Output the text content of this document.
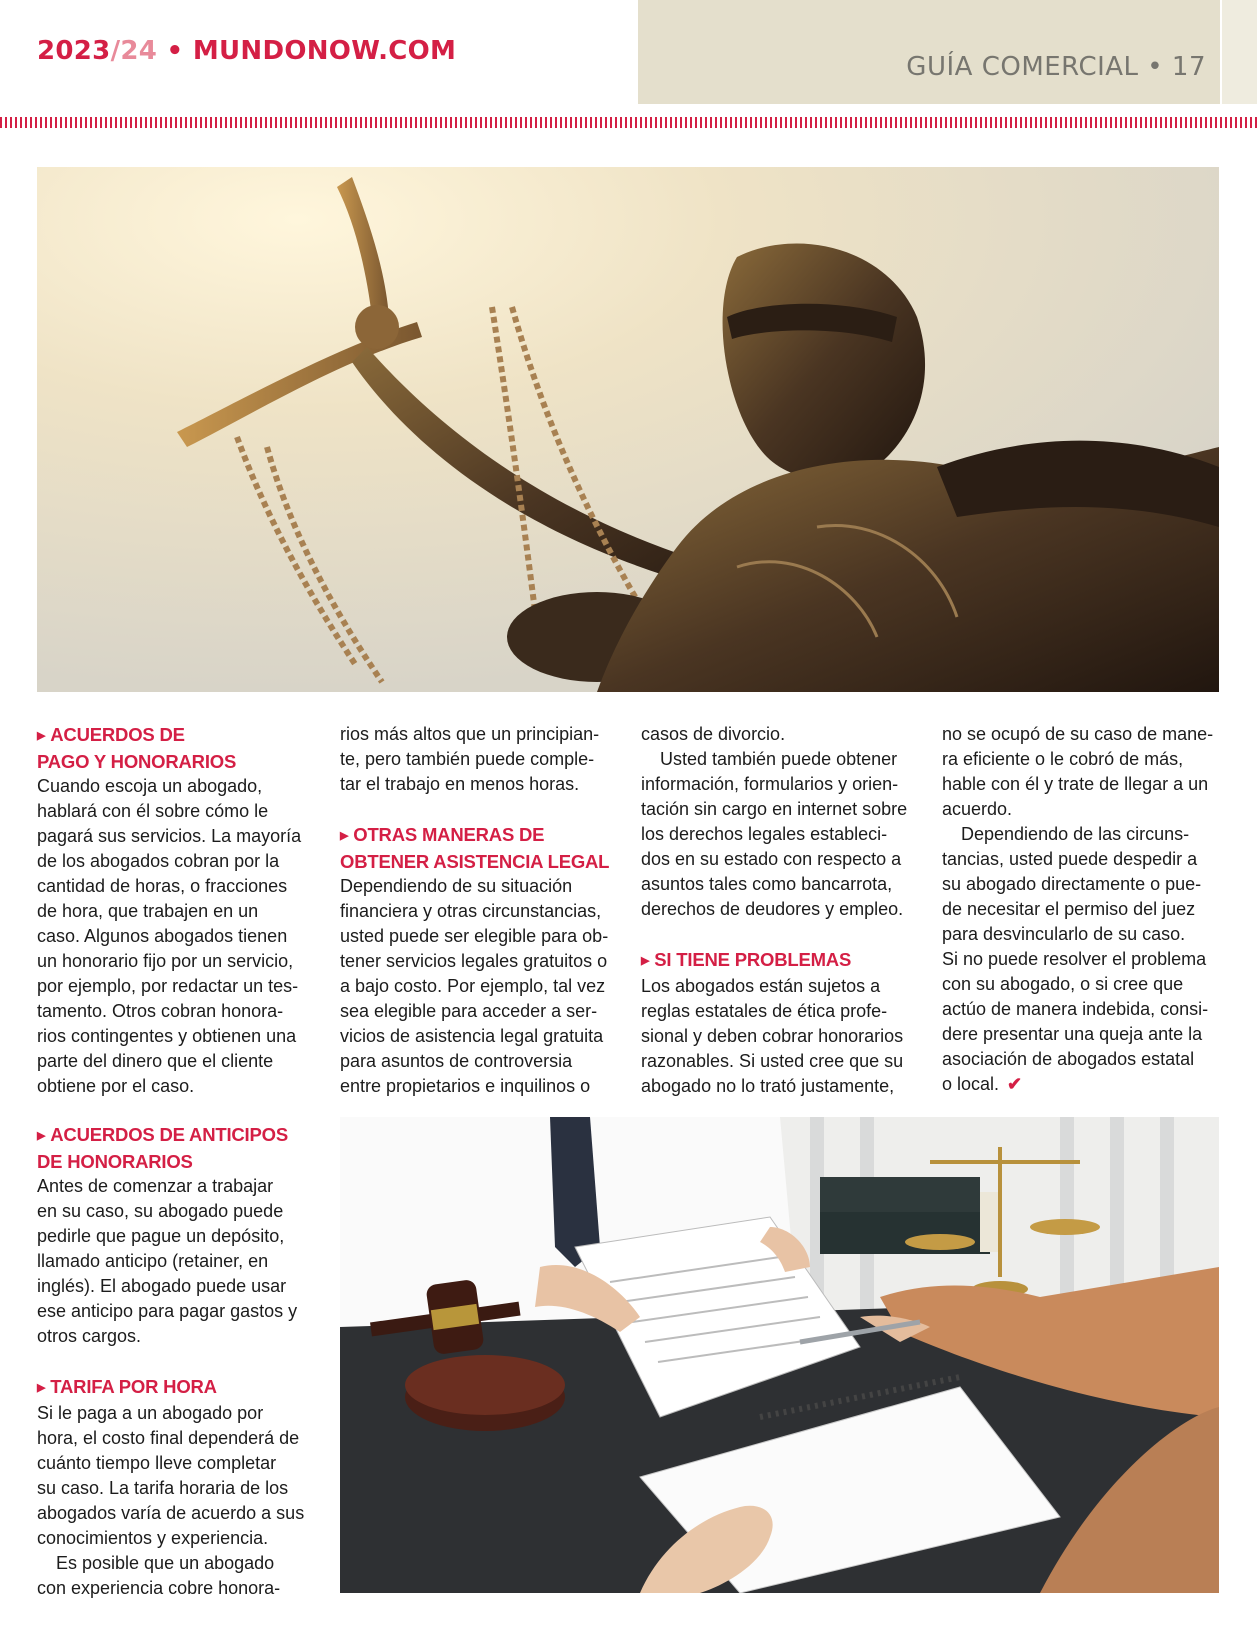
2023/24 • MUNDONOW.COM
GUÍA COMERCIAL • 17
▶ ACUERDOS DE
PAGO Y HONORARIOS

Cuando escoja un abogado,

hablará con él sobre cómo le

pagará sus servicios. La mayoría

de los abogados cobran por la

cantidad de horas, o fracciones

de hora, que trabajen en un

caso. Algunos abogados tienen

un honorario fijo por un servicio,

por ejemplo, por redactar un tes-

tamento. Otros cobran honora-

rios contingentes y obtienen una

parte del dinero que el cliente

obtiene por el caso.

▶ ACUERDOS DE ANTICIPOS
DE HONORARIOS

Antes de comenzar a trabajar

en su caso, su abogado puede

pedirle que pague un depósito,

llamado anticipo (retainer, en

inglés). El abogado puede usar

ese anticipo para pagar gastos y

otros cargos.

▶ TARIFA POR HORA

Si le paga a un abogado por

hora, el costo final dependerá de

cuánto tiempo lleve completar

su caso. La tarifa horaria de los

abogados varía de acuerdo a sus

conocimientos y experiencia.

Es posible que un abogado

con experiencia cobre honora-

rios más altos que un principian-

te, pero también puede comple-

tar el trabajo en menos horas.

▶ OTRAS MANERAS DE
OBTENER ASISTENCIA LEGAL

Dependiendo de su situación

financiera y otras circunstancias,

usted puede ser elegible para ob-

tener servicios legales gratuitos o

a bajo costo. Por ejemplo, tal vez

sea elegible para acceder a ser-

vicios de asistencia legal gratuita

para asuntos de controversia

entre propietarios e inquilinos o

casos de divorcio.

Usted también puede obtener

información, formularios y orien-

tación sin cargo en internet sobre

los derechos legales estableci-

dos en su estado con respecto a

asuntos tales como bancarrota,

derechos de deudores y empleo.

▶ SI TIENE PROBLEMAS

Los abogados están sujetos a

reglas estatales de ética profe-

sional y deben cobrar honorarios

razonables. Si usted cree que su

abogado no lo trató justamente,

no se ocupó de su caso de mane-

ra eficiente o le cobró de más,

hable con él y trate de llegar a un

acuerdo.

Dependiendo de las circuns-

tancias, usted puede despedir a

su abogado directamente o pue-

de necesitar el permiso del juez

para desvincularlo de su caso.

Si no puede resolver el problema

con su abogado, o si cree que

actúo de manera indebida, consi-

dere presentar una queja ante la

asociación de abogados estatal

o local. ✔
